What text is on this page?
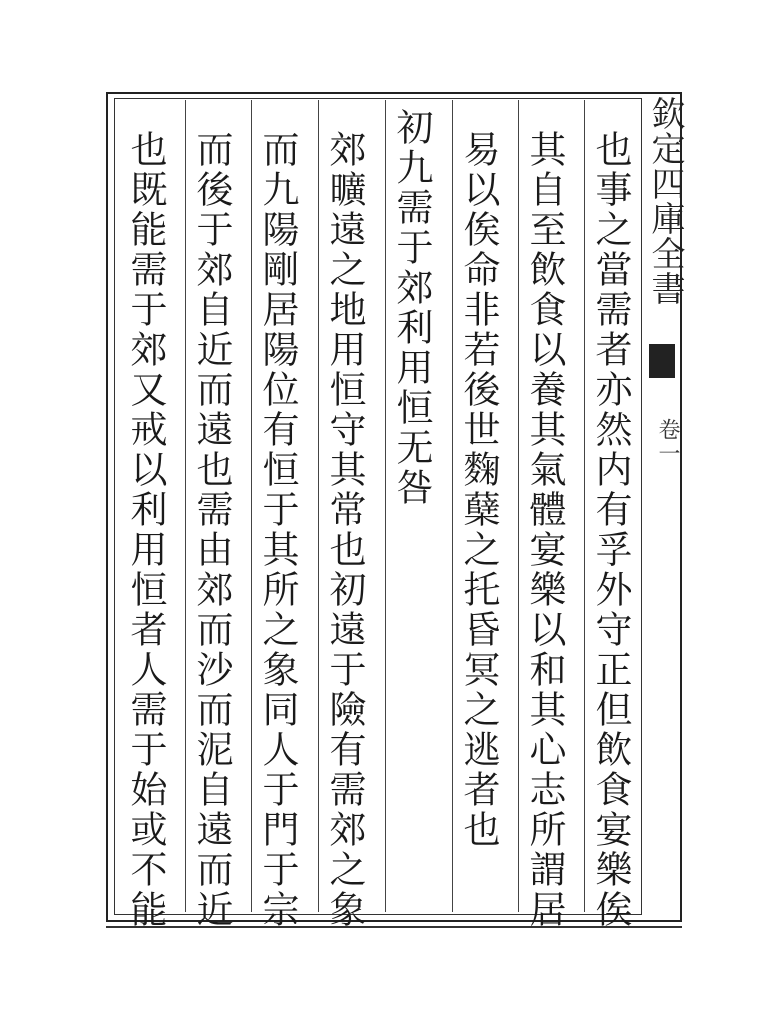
欽定四庫全書
卷一
也事之當需者亦然内有孚外守正但飲食宴樂俟
其自至飲食以養其氣體宴樂以和其心志所謂居
易以俟命非若後世麴蘖之托昏冥之逃者也
初九需于郊利用恒无咎
郊曠遠之地用恒守其常也初遠于險有需郊之象
而九陽剛居陽位有恒于其所之象同人于門于宗
而後于郊自近而遠也需由郊而沙而泥自遠而近
也既能需于郊又戒以利用恒者人需于始或不能
